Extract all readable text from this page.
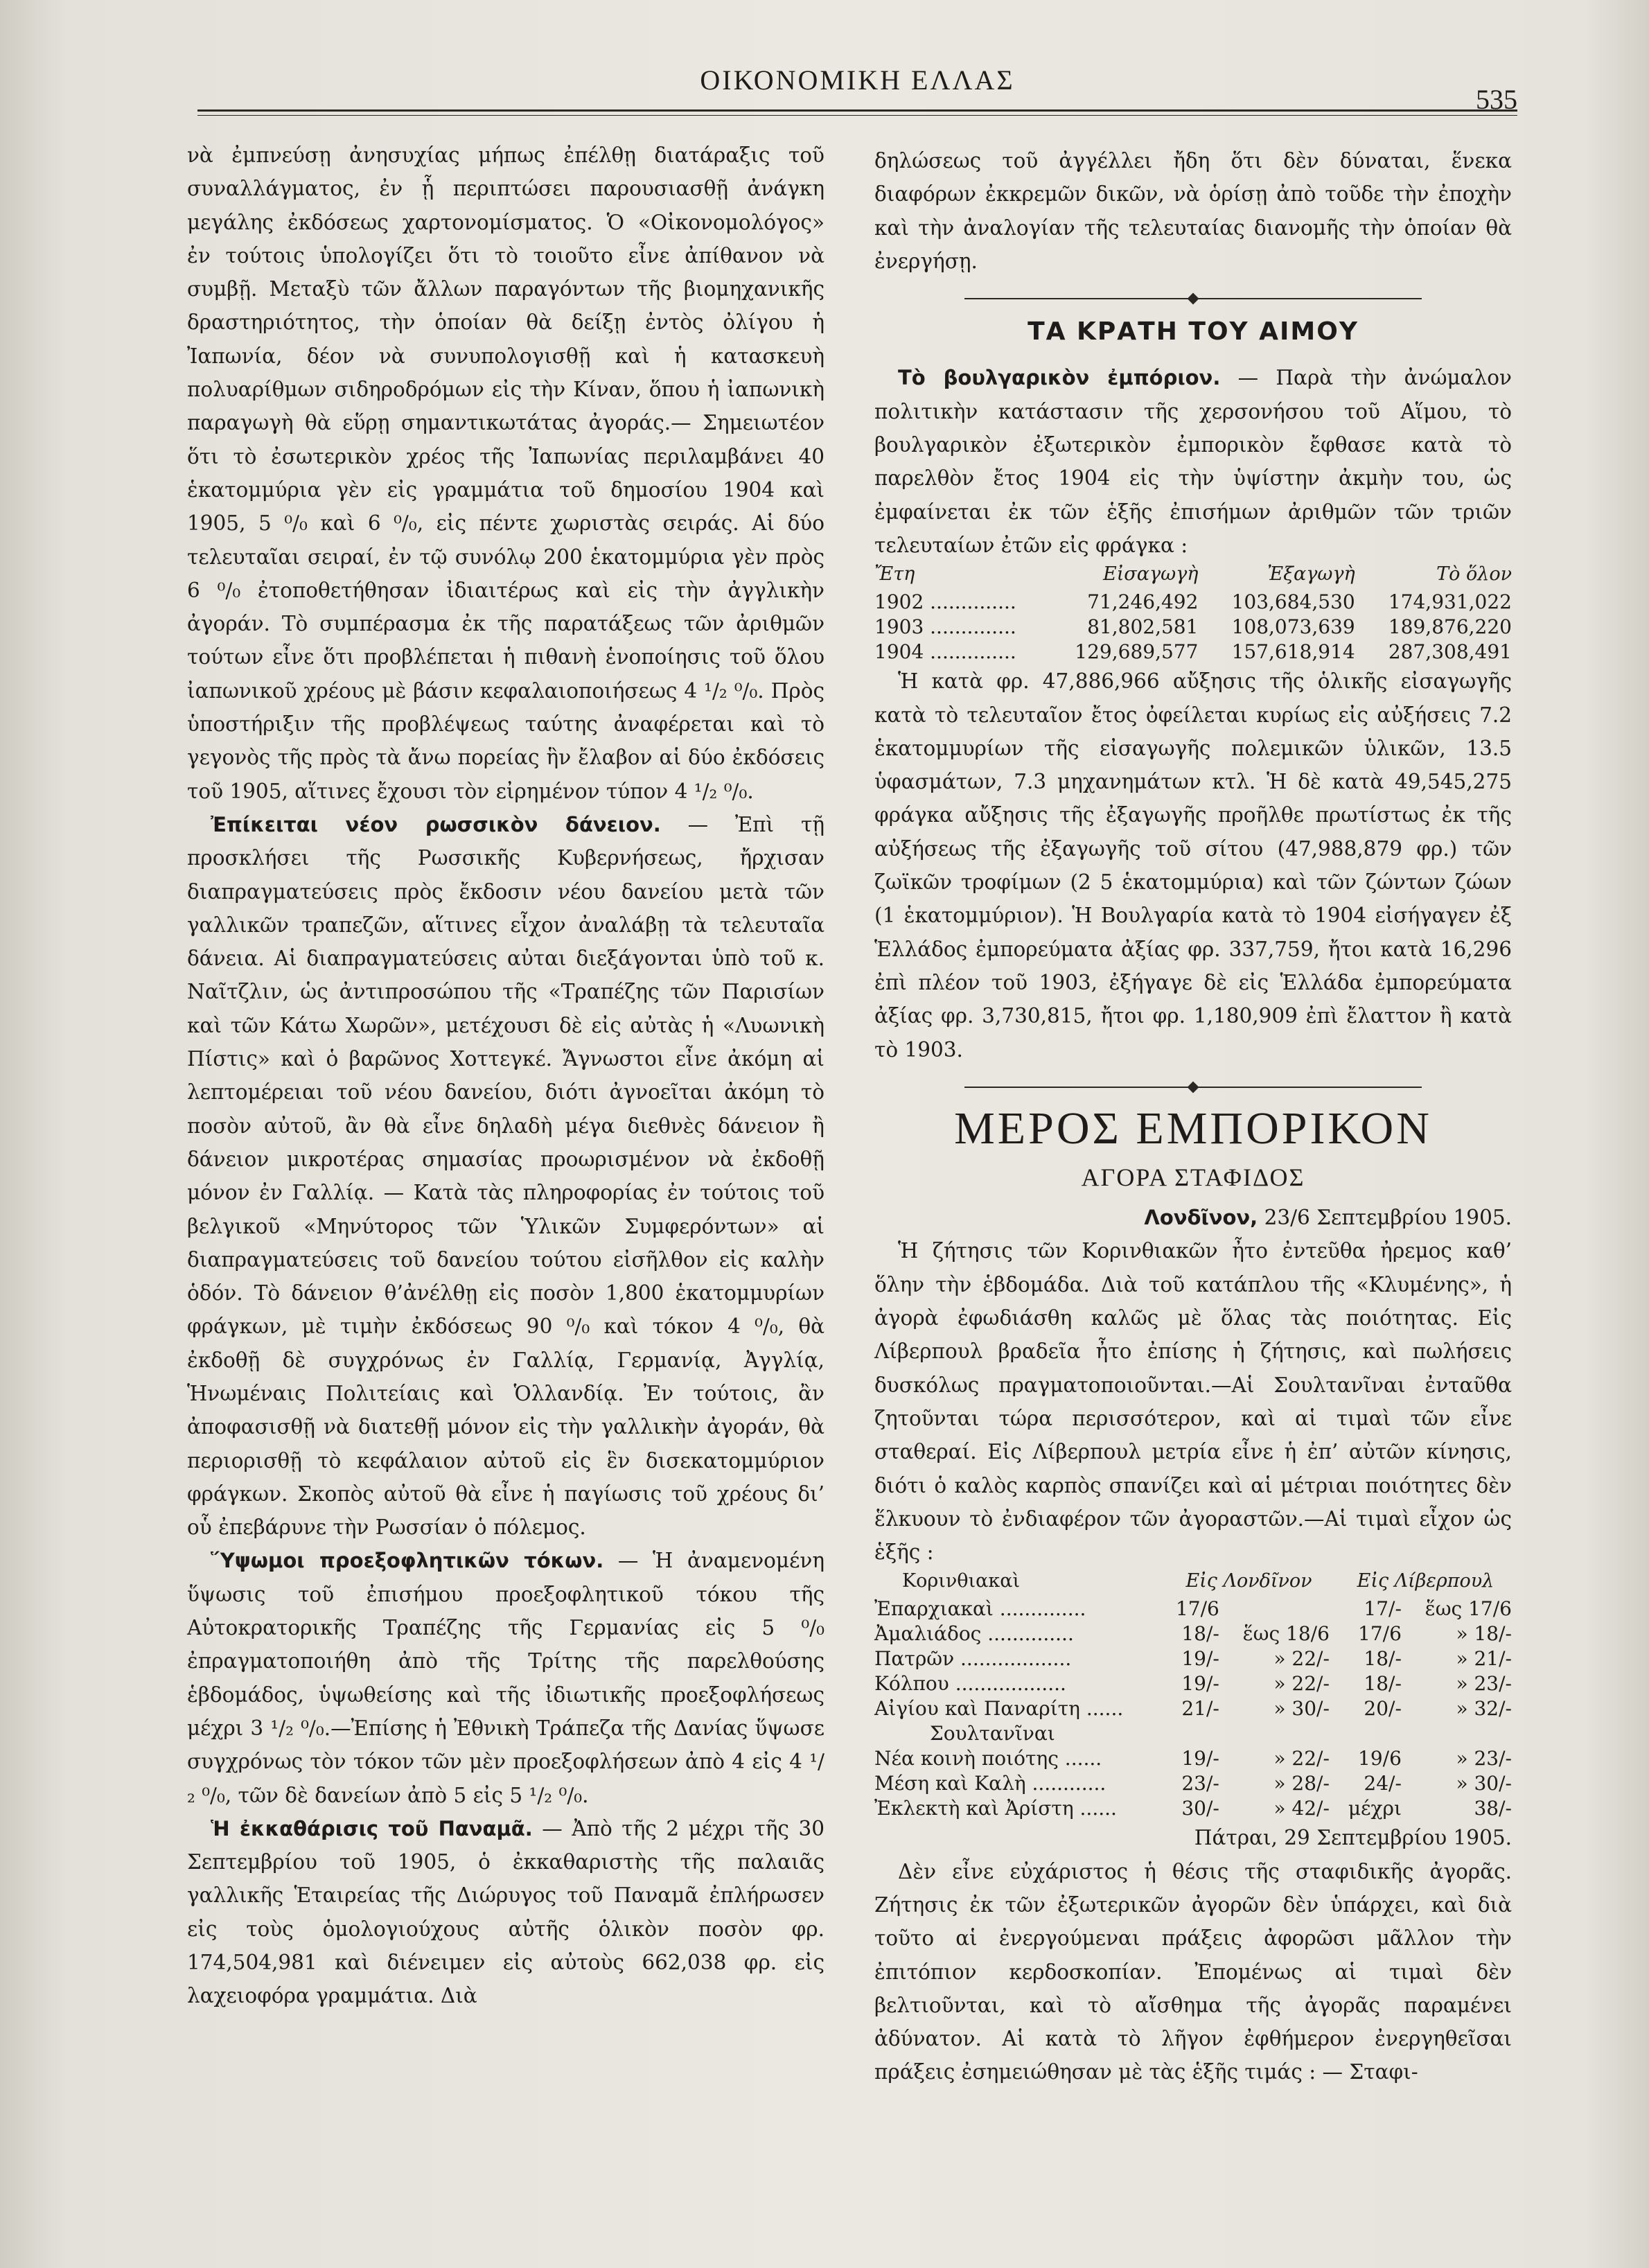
ΟΙΚΟΝΟΜΙΚΗ ΕΛΛΑΣ
535

νὰ ἐμπνεύσῃ ἀνησυχίας μήπως ἐπέλθῃ διατάραξις τοῦ συναλλάγματος, ἐν ᾗ περιπτώσει παρουσιασθῇ ἀνάγκη μεγάλης ἐκδόσεως χαρτονομίσματος. Ὁ «Οἰκονομολόγος» ἐν τούτοις ὑπολογίζει ὅτι τὸ τοιοῦτο εἶνε ἀπίθανον νὰ συμβῇ. Μεταξὺ τῶν ἄλλων παραγόντων τῆς βιομηχανικῆς δραστηριότητος, τὴν ὁποίαν θὰ δείξῃ ἐντὸς ὀλίγου ἡ Ἰαπωνία, δέον νὰ συνυπολογισθῇ καὶ ἡ κατασκευὴ πολυαρίθμων σιδηροδρόμων εἰς τὴν Κίναν, ὅπου ἡ ἰαπωνικὴ παραγωγὴ θὰ εὕρῃ σημαντικωτάτας ἀγοράς.— Σημειωτέον ὅτι τὸ ἐσωτερικὸν χρέος τῆς Ἰαπωνίας περιλαμβάνει 40 ἑκατομμύρια γὲν εἰς γραμμάτια τοῦ δημοσίου 1904 καὶ 1905, 5 ⁰/₀ καὶ 6 ⁰/₀, εἰς πέντε χωριστὰς σειράς. Αἱ δύο τελευταῖαι σειραί, ἐν τῷ συνόλῳ 200 ἑκατομμύρια γὲν πρὸς 6 ⁰/₀ ἐτοποθετήθησαν ἰδιαιτέρως καὶ εἰς τὴν ἀγγλικὴν ἀγοράν. Τὸ συμπέρασμα ἐκ τῆς παρατάξεως τῶν ἀριθμῶν τούτων εἶνε ὅτι προβλέπεται ἡ πιθανὴ ἑνοποίησις τοῦ ὅλου ἰαπωνικοῦ χρέους μὲ βάσιν κεφαλαιοποιήσεως 4 ¹/₂ ⁰/₀. Πρὸς ὑποστήριξιν τῆς προβλέψεως ταύτης ἀναφέρεται καὶ τὸ γεγονὸς τῆς πρὸς τὰ ἄνω πορείας ἣν ἔλαβον αἱ δύο ἐκδόσεις τοῦ 1905, αἵτινες ἔχουσι τὸν εἰρημένον τύπον 4 ¹/₂ ⁰/₀.

Ἐπίκειται νέον ρωσσικὸν δάνειον. — Ἐπὶ τῇ προσκλήσει τῆς Ρωσσικῆς Κυβερνήσεως, ἤρχισαν διαπραγματεύσεις πρὸς ἔκδοσιν νέου δανείου μετὰ τῶν γαλλικῶν τραπεζῶν, αἵτινες εἶχον ἀναλάβῃ τὰ τελευταῖα δάνεια. Αἱ διαπραγματεύσεις αὐται διεξάγονται ὑπὸ τοῦ κ. Ναῖτζλιν, ὡς ἀντιπροσώπου τῆς «Τραπέζης τῶν Παρισίων καὶ τῶν Κάτω Χωρῶν», μετέχουσι δὲ εἰς αὐτὰς ἡ «Λυωνικὴ Πίστις» καὶ ὁ βαρῶνος Χοττεγκέ. Ἄγνωστοι εἶνε ἀκόμη αἱ λεπτομέρειαι τοῦ νέου δανείου, διότι ἀγνοεῖται ἀκόμη τὸ ποσὸν αὐτοῦ, ἂν θὰ εἶνε δηλαδὴ μέγα διεθνὲς δάνειον ἢ δάνειον μικροτέρας σημασίας προωρισμένον νὰ ἐκδοθῇ μόνον ἐν Γαλλίᾳ. — Κατὰ τὰς πληροφορίας ἐν τούτοις τοῦ βελγικοῦ «Μηνύτορος τῶν Ὑλικῶν Συμφερόντων» αἱ διαπραγματεύσεις τοῦ δανείου τούτου εἰσῆλθον εἰς καλὴν ὁδόν. Τὸ δάνειον θ’ἀνέλθῃ εἰς ποσὸν 1,800 ἑκατομμυρίων φράγκων, μὲ τιμὴν ἐκδόσεως 90 ⁰/₀ καὶ τόκον 4 ⁰/₀, θὰ ἐκδοθῇ δὲ συγχρόνως ἐν Γαλλίᾳ, Γερμανίᾳ, Ἀγγλίᾳ, Ἡνωμέναις Πολιτείαις καὶ Ὁλλανδίᾳ. Ἐν τούτοις, ἂν ἀποφασισθῇ νὰ διατεθῇ μόνον εἰς τὴν γαλλικὴν ἀγοράν, θὰ περιορισθῇ τὸ κεφάλαιον αὐτοῦ εἰς ἓν δισεκατομμύριον φράγκων. Σκοπὸς αὐτοῦ θὰ εἶνε ἡ παγίωσις τοῦ χρέους δι’ οὗ ἐπεβάρυνε τὴν Ρωσσίαν ὁ πόλεμος.

Ὕψωμοι προεξοφλητικῶν τόκων. — Ἡ ἀναμενομένη ὕψωσις τοῦ ἐπισήμου προεξοφλητικοῦ τόκου τῆς Αὐτοκρατορικῆς Τραπέζης τῆς Γερμανίας εἰς 5 ⁰/₀ ἐπραγματοποιήθη ἀπὸ τῆς Τρίτης τῆς παρελθούσης ἑβδομάδος, ὑψωθείσης καὶ τῆς ἰδιωτικῆς προεξοφλήσεως μέχρι 3 ¹/₂ ⁰/₀.—Ἐπίσης ἡ Ἐθνικὴ Τράπεζα τῆς Δανίας ὕψωσε συγχρόνως τὸν τόκον τῶν μὲν προεξοφλήσεων ἀπὸ 4 εἰς 4 ¹/₂ ⁰/₀, τῶν δὲ δανείων ἀπὸ 5 εἰς 5 ¹/₂ ⁰/₀.

Ἡ ἐκκαθάρισις τοῦ Παναμᾶ. — Ἀπὸ τῆς 2 μέχρι τῆς 30 Σεπτεμβρίου τοῦ 1905, ὁ ἐκκαθαριστὴς τῆς παλαιᾶς γαλλικῆς Ἑταιρείας τῆς Διώρυγος τοῦ Παναμᾶ ἐπλήρωσεν εἰς τοὺς ὁμολογιούχους αὐτῆς ὁλικὸν ποσὸν φρ. 174,504,981 καὶ διένειμεν εἰς αὐτοὺς 662,038 φρ. εἰς λαχειοφόρα γραμμάτια. Διὰ

δηλώσεως τοῦ ἀγγέλλει ἤδη ὅτι δὲν δύναται, ἕνεκα διαφόρων ἐκκρεμῶν δικῶν, νὰ ὁρίσῃ ἀπὸ τοῦδε τὴν ἐποχὴν καὶ τὴν ἀναλογίαν τῆς τελευταίας διανομῆς τὴν ὁποίαν θὰ ἐνεργήσῃ.

ΤΑ ΚΡΑΤΗ ΤΟΥ ΑΙΜΟΥ

Τὸ βουλγαρικὸν ἐμπόριον. — Παρὰ τὴν ἀνώμαλον πολιτικὴν κατάστασιν τῆς χερσονήσου τοῦ Αἵμου, τὸ βουλγαρικὸν ἐξωτερικὸν ἐμπορικὸν ἔφθασε κατὰ τὸ παρελθὸν ἔτος 1904 εἰς τὴν ὑψίστην ἀκμὴν του, ὡς ἐμφαίνεται ἐκ τῶν ἑξῆς ἐπισήμων ἀριθμῶν τῶν τριῶν τελευταίων ἐτῶν εἰς φράγκα :

Ἔτη	Εἰσαγωγὴ	Ἐξαγωγὴ	Τὸ ὅλον
1902 ..............	71,246,492	103,684,530	174,931,022
1903 ..............	81,802,581	108,073,639	189,876,220
1904 ..............	129,689,577	157,618,914	287,308,491

Ἡ κατὰ φρ. 47,886,966 αὔξησις τῆς ὁλικῆς εἰσαγωγῆς κατὰ τὸ τελευταῖον ἔτος ὀφείλεται κυρίως εἰς αὐξήσεις 7.2 ἑκατομμυρίων τῆς εἰσαγωγῆς πολεμικῶν ὑλικῶν, 13.5 ὑφασμάτων, 7.3 μηχανημάτων κτλ. Ἡ δὲ κατὰ 49,545,275 φράγκα αὔξησις τῆς ἐξαγωγῆς προῆλθε πρωτίστως ἐκ τῆς αὐξήσεως τῆς ἐξαγωγῆς τοῦ σίτου (47,988,879 φρ.) τῶν ζωϊκῶν τροφίμων (2 5 ἑκατομμύρια) καὶ τῶν ζώντων ζώων (1 ἑκατομμύριον). Ἡ Βουλγαρία κατὰ τὸ 1904 εἰσήγαγεν ἐξ Ἑλλάδος ἐμπορεύματα ἀξίας φρ. 337,759, ἤτοι κατὰ 16,296 ἐπὶ πλέον τοῦ 1903, ἐξήγαγε δὲ εἰς Ἑλλάδα ἐμπορεύματα ἀξίας φρ. 3,730,815, ἤτοι φρ. 1,180,909 ἐπὶ ἔλαττον ἢ κατὰ τὸ 1903.

ΜΕΡΟΣ ΕΜΠΟΡΙΚΟΝ
ΑΓΟΡΑ ΣΤΑΦΙΔΟΣ

Λονδῖνον, 23/6 Σεπτεμβρίου 1905.

Ἡ ζήτησις τῶν Κορινθιακῶν ἦτο ἐντεῦθα ἠρεμος καθ’ ὅλην τὴν ἑβδομάδα. Διὰ τοῦ κατάπλου τῆς «Κλυμένης», ἡ ἀγορὰ ἐφωδιάσθη καλῶς μὲ ὅλας τὰς ποιότητας. Εἰς Λίβερπουλ βραδεῖα ἦτο ἐπίσης ἡ ζήτησις, καὶ πωλήσεις δυσκόλως πραγματοποιοῦνται.—Αἱ Σουλτανῖναι ἐνταῦθα ζητοῦνται τώρα περισσότερον, καὶ αἱ τιμαὶ τῶν εἶνε σταθεραί. Εἰς Λίβερπουλ μετρία εἶνε ἡ ἐπ’ αὐτῶν κίνησις, διότι ὁ καλὸς καρπὸς σπανίζει καὶ αἱ μέτριαι ποιότητες δὲν ἕλκυουν τὸ ἐνδιαφέρον τῶν ἀγοραστῶν.—Αἱ τιμαὶ εἶχον ὡς ἑξῆς :

Κορινθιακαὶ	Εἰς Λονδῖνον		Εἰς Λίβερπουλ	
Ἐπαρχιακαὶ ..............	17/6		17/-	ἕως 17/6
Ἀμαλιάδος ..............	18/-	ἕως 18/6	17/6	» 18/-
Πατρῶν ..................	19/-	» 22/-	18/-	» 21/-
Κόλπου ..................	19/-	» 22/-	18/-	» 23/-
Αἰγίου καὶ Παναρίτη ......	21/-	» 30/-	20/-	» 32/-
Σουλτανῖναι				
Νέα κοινὴ ποιότης ......	19/-	» 22/-	19/6	» 23/-
Μέση καὶ Καλὴ ............	23/-	» 28/-	24/-	» 30/-
Ἐκλεκτὴ καὶ Ἀρίστη ......	30/-	» 42/-	μέχρι	38/-

Πάτραι, 29 Σεπτεμβρίου 1905.

Δὲν εἶνε εὐχάριστος ἡ θέσις τῆς σταφιδικῆς ἀγορᾶς. Ζήτησις ἐκ τῶν ἐξωτερικῶν ἀγορῶν δὲν ὑπάρχει, καὶ διὰ τοῦτο αἱ ἐνεργούμεναι πράξεις ἀφορῶσι μᾶλλον τὴν ἐπιτόπιον κερδοσκοπίαν. Ἐπομένως αἱ τιμαὶ δὲν βελτιοῦνται, καὶ τὸ αἴσθημα τῆς ἀγορᾶς παραμένει ἀδύνατον. Αἱ κατὰ τὸ λῆγον ἐφθήμερον ἐνεργηθεῖσαι πράξεις ἐσημειώθησαν μὲ τὰς ἑξῆς τιμάς : — Σταφι-
